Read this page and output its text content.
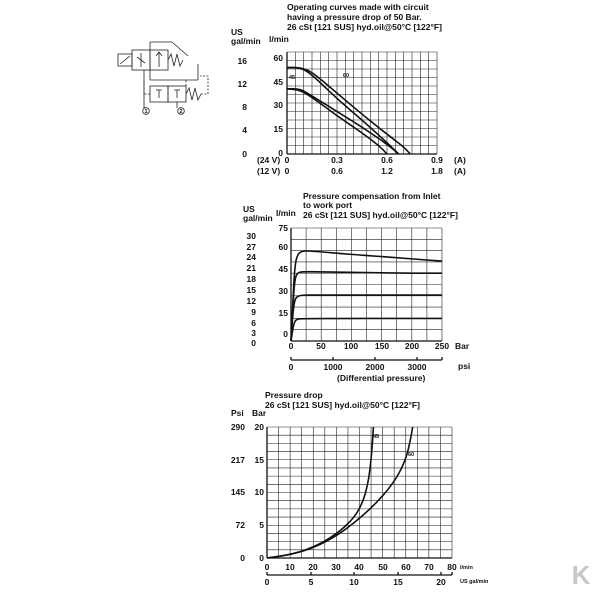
1	2
Operating curves made with circuit
having a pressure drop of 50 Bar.
26 cSt [121 SUS] hyd.oil@50°C [122°F]
US
gal/min l/min
16
12
8
4
0
60
45
30
15
0
(24 V) 0	0.3	0.6	0.9 (A)
(12 V) 0	0.6	1.2	1.8 (A)
60
45
Pressure compensation from Inlet
to work port
26 cSt [121 SUS] hyd.oil@50°C [122°F]
US
gal/min l/min
30
27
24
21
18
15
12
9
6
3
0
75
60
45
30
15
0
0	50 100 150 200 250 Bar
0	1000	2000	3000	psi
(Differential pressure)
Pressure drop
26 cSt [121 SUS] hyd.oil@50°C [122°F]
Psi Bar
290
217
145
72
0
20
15
10
5
0
0 10 20 30 40 50 60 70 80 l/min
0	5	10	15	20	US gal/min
45
60
K
